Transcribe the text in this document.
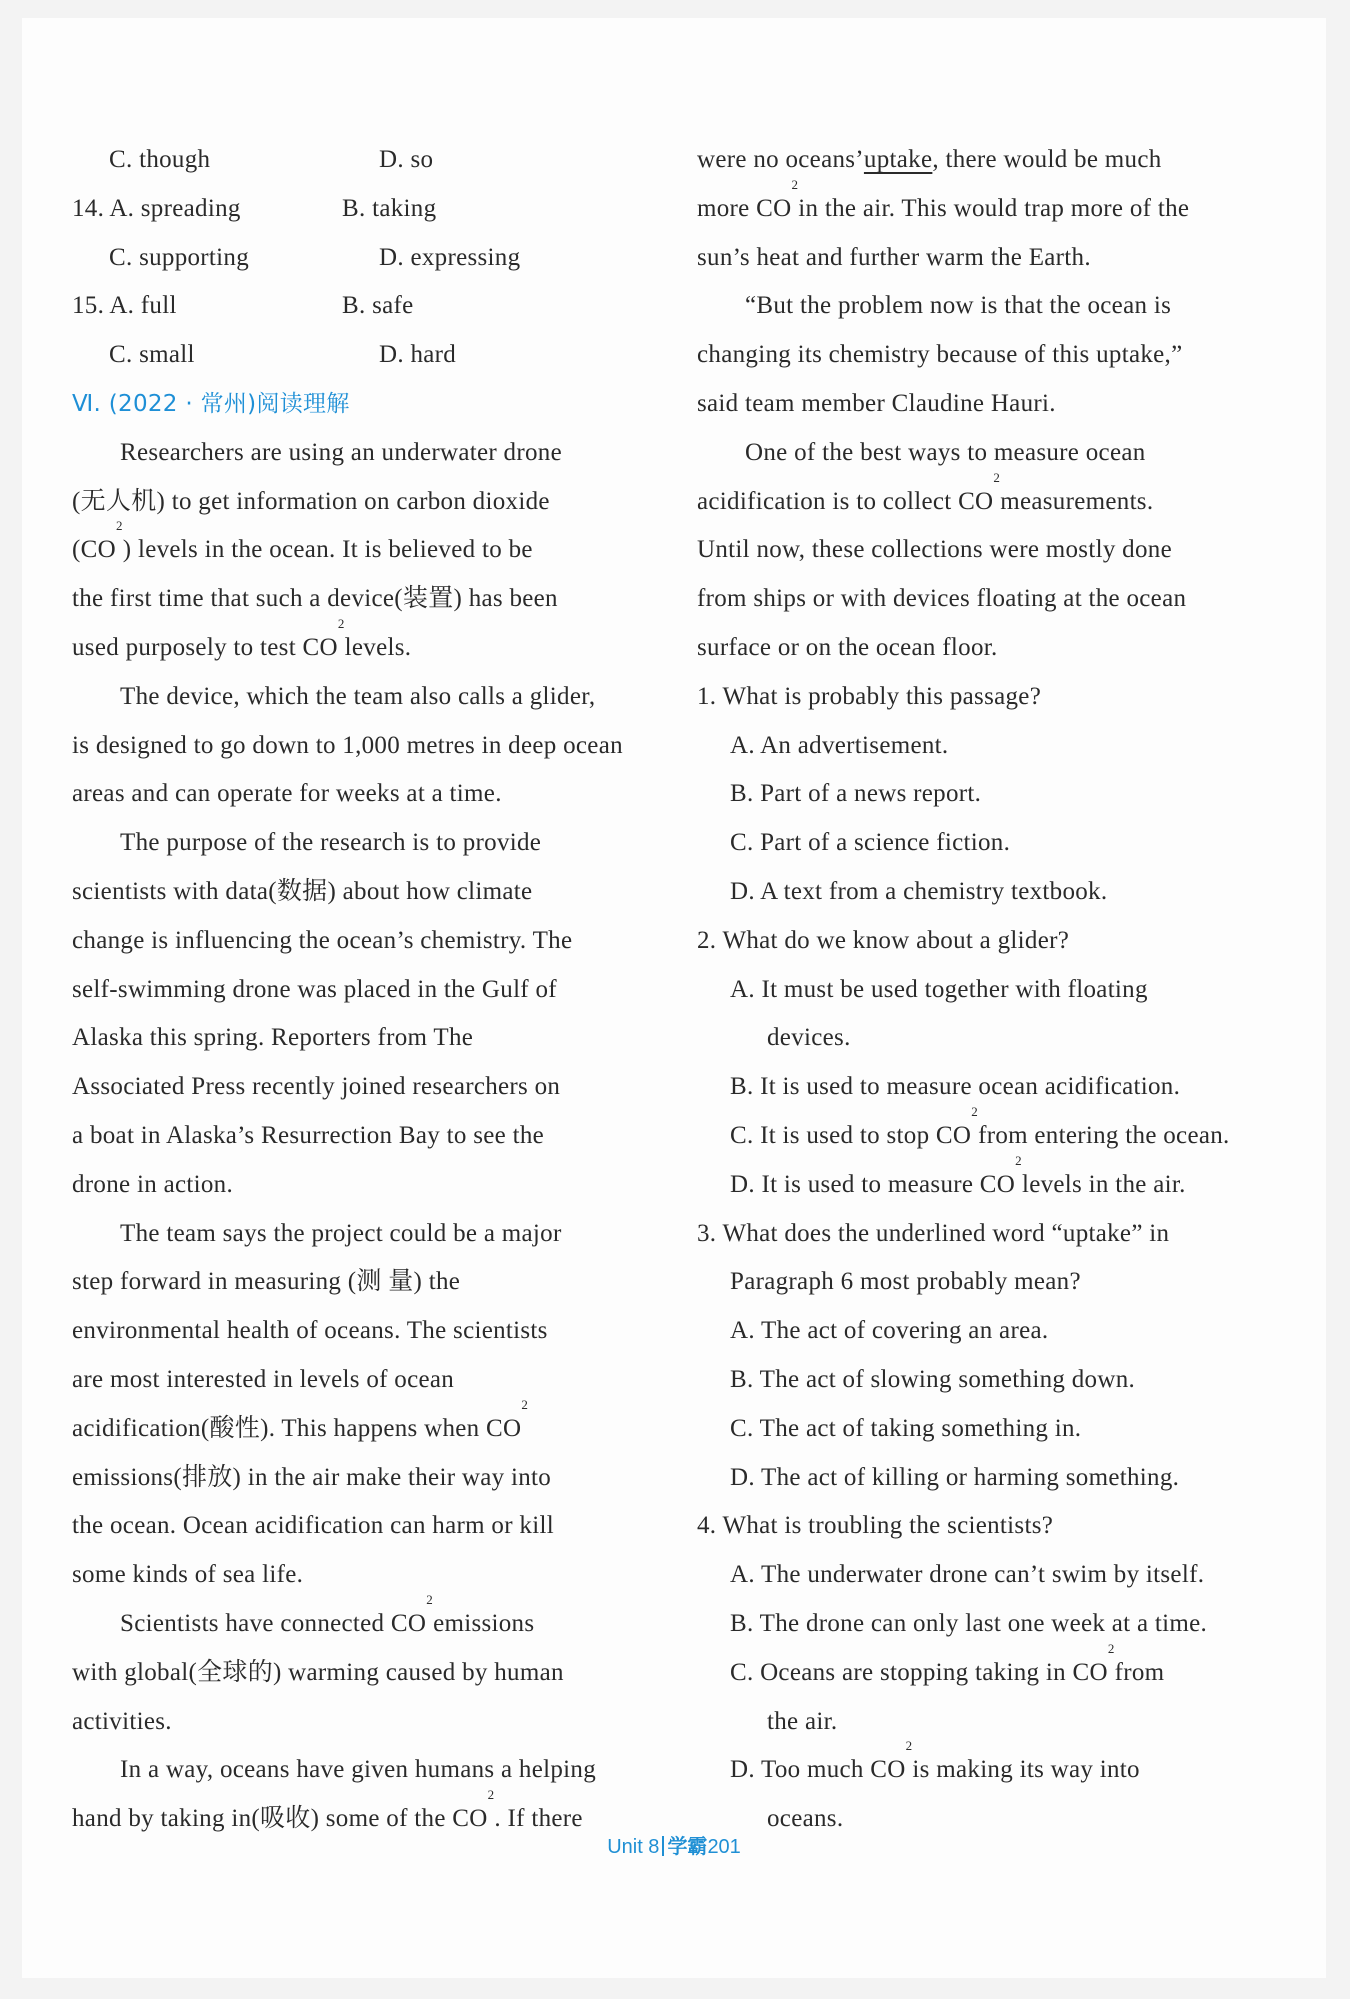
C. though	D. so
14. A. spreading	B. taking
C. supporting	D. expressing
15. A. full	B. safe
C. small	D. hard
Ⅵ. (2022 · 常州)阅读理解
Researchers are using an underwater drone
(无人机) to get information on carbon dioxide
(CO
2
) levels in the ocean. It is believed to be
the first time that such a device(装置) has been
used purposely to test CO
2
levels.
The device, which the team also calls a glider,
is designed to go down to 1,000 metres in deep ocean
areas and can operate for weeks at a time.
The purpose of the research is to provide
scientists with data(数据) about how climate
change is influencing the ocean’s chemistry. The
self-swimming drone was placed in the Gulf of
Alaska this spring. Reporters from The
Associated Press recently joined researchers on
a boat in Alaska’s Resurrection Bay to see the
drone in action.
The team says the project could be a major
step forward in measuring (测 量) the
environmental health of oceans. The scientists
are most interested in levels of ocean
acidification(酸性). This happens when CO
2
emissions(排放) in the air make their way into
the ocean. Ocean acidification can harm or kill
some kinds of sea life.
Scientists have connected CO
2
emissions
with global(全球的) warming caused by human
activities.
In a way, oceans have given humans a helping
hand by taking in(吸收) some of the CO
2
. If there
were no oceans’ uptake , there would be much
more CO
2
in the air. This would trap more of the
sun’s heat and further warm the Earth.
“But the problem now is that the ocean is
changing its chemistry because of this uptake,”
said team member Claudine Hauri.
One of the best ways to measure ocean
acidification is to collect CO
2
measurements.
Until now, these collections were mostly done
from ships or with devices floating at the ocean
surface or on the ocean floor.
1. What is probably this passage?
A. An advertisement.
B. Part of a news report.
C. Part of a science fiction.
D. A text from a chemistry textbook.
2. What do we know about a glider?
A. It must be used together with floating
devices.
B. It is used to measure ocean acidification.
C. It is used to stop CO
2
from entering the ocean.
D. It is used to measure CO
2
levels in the air.
3. What does the underlined word “uptake” in
Paragraph 6 most probably mean?
A. The act of covering an area.
B. The act of slowing something down.
C. The act of taking something in.
D. The act of killing or harming something.
4. What is troubling the scientists?
A. The underwater drone can’t swim by itself.
B. The drone can only last one week at a time.
C. Oceans are stopping taking in CO
2
from
the air.
D. Too much CO
2
is making its way into
oceans.
Unit 8 学霸201
